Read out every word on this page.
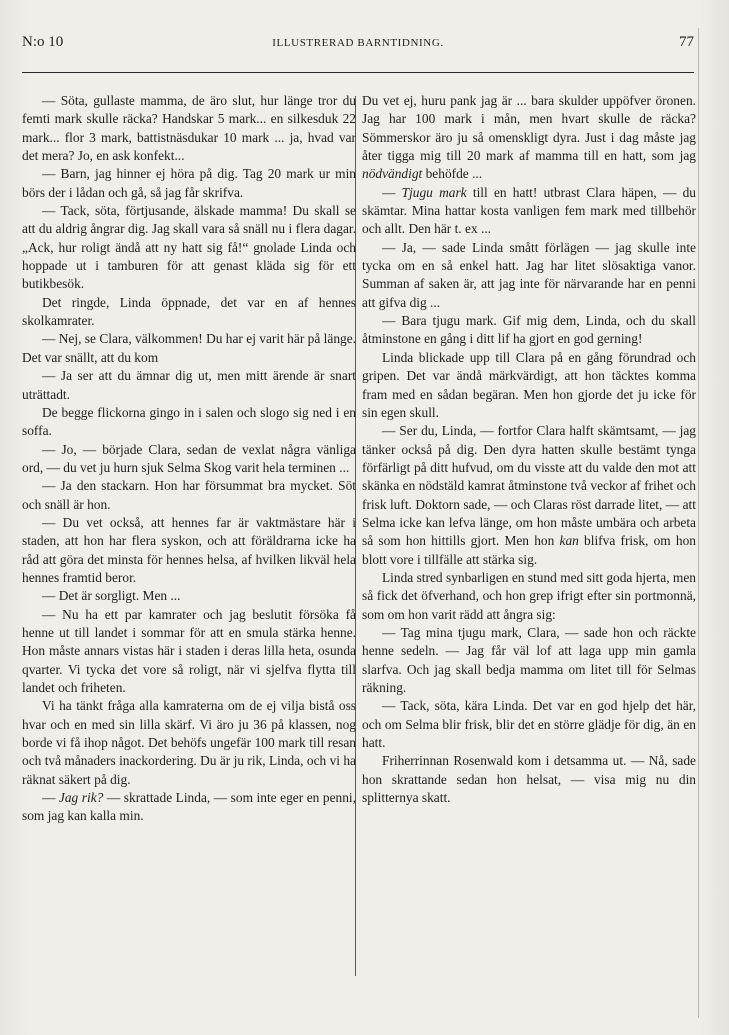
N:o 10	ILLUSTRERAD BARNTIDNING.	77

— Söta, gullaste mamma, de äro slut, hur länge tror du femti mark skulle räcka? Handskar 5 mark... en silkesduk 22 mark... flor 3 mark, battistnäsdukar 10 mark ... ja, hvad var det mera? Jo, en ask konfekt...

— Barn, jag hinner ej höra på dig. Tag 20 mark ur min börs der i lådan och gå, så jag får skrifva.

— Tack, söta, förtjusande, älskade mamma! Du skall se att du aldrig ångrar dig. Jag skall vara så snäll nu i flera dagar. „Ack, hur roligt ändå att ny hatt sig få!“ gnolade Linda och hoppade ut i tamburen för att genast kläda sig för ett butikbesök.

Det ringde, Linda öppnade, det var en af hennes skolkamrater.

— Nej, se Clara, välkommen! Du har ej varit här på länge. Det var snällt, att du kom

— Ja ser att du ämnar dig ut, men mitt ärende är snart uträttadt.

De begge flickorna gingo in i salen och slogo sig ned i en soffa.

— Jo, — började Clara, sedan de vexlat några vänliga ord, — du vet ju hurn sjuk Selma Skog varit hela terminen ...

— Ja den stackarn. Hon har försummat bra mycket. Söt och snäll är hon.

— Du vet också, att hennes far är vaktmästare här i staden, att hon har flera syskon, och att föräldrarna icke ha råd att göra det minsta för hennes helsa, af hvilken likväl hela hennes framtid beror.

— Det är sorgligt. Men ...

— Nu ha ett par kamrater och jag beslutit försöka få henne ut till landet i sommar för att en smula stärka henne. Hon måste annars vistas här i staden i deras lilla heta, osunda qvarter. Vi tycka det vore så roligt, när vi sjelfva flytta till landet och friheten.

Vi ha tänkt fråga alla kamraterna om de ej vilja bistå oss hvar och en med sin lilla skärf. Vi äro ju 36 på klassen, nog borde vi få ihop något. Det behöfs ungefär 100 mark till resan och två månaders inackordering. Du är ju rik, Linda, och vi ha räknat säkert på dig.

— Jag rik? — skrattade Linda, — som inte eger en penni, som jag kan kalla min.

Du vet ej, huru pank jag är ... bara skulder uppöfver öronen. Jag har 100 mark i mån, men hvart skulle de räcka? Sömmerskor äro ju så omenskligt dyra. Just i dag måste jag åter tigga mig till 20 mark af mamma till en hatt, som jag nödvändigt behöfde ...

— Tjugu mark till en hatt! utbrast Clara häpen, — du skämtar. Mina hattar kosta vanligen fem mark med tillbehör och allt. Den här t. ex ...

— Ja, — sade Linda smått förlägen — jag skulle inte tycka om en så enkel hatt. Jag har litet slösaktiga vanor. Summan af saken är, att jag inte för närvarande har en penni att gifva dig ...

— Bara tjugu mark. Gif mig dem, Linda, och du skall åtminstone en gång i ditt lif ha gjort en god gerning!

Linda blickade upp till Clara på en gång förundrad och gripen. Det var ändå märkvärdigt, att hon täcktes komma fram med en sådan begäran. Men hon gjorde det ju icke för sin egen skull.

— Ser du, Linda, — fortfor Clara halft skämtsamt, — jag tänker också på dig. Den dyra hatten skulle bestämt tynga förfärligt på ditt hufvud, om du visste att du valde den mot att skänka en nödstäld kamrat åtminstone två veckor af frihet och frisk luft. Doktorn sade, — och Claras röst darrade litet, — att Selma icke kan lefva länge, om hon måste umbära och arbeta så som hon hittills gjort. Men hon kan blifva frisk, om hon blott vore i tillfälle att stärka sig.

Linda stred synbarligen en stund med sitt goda hjerta, men så fick det öfverhand, och hon grep ifrigt efter sin portmonnä, som om hon varit rädd att ångra sig:

— Tag mina tjugu mark, Clara, — sade hon och räckte henne sedeln. — Jag får väl lof att laga upp min gamla slarfva. Och jag skall bedja mamma om litet till för Selmas räkning.

— Tack, söta, kära Linda. Det var en god hjelp det här, och om Selma blir frisk, blir det en större glädje för dig, än en hatt.

Friherrinnan Rosenwald kom i detsamma ut. — Nå, sade hon skrattande sedan hon helsat, — visa mig nu din splitternya skatt.
